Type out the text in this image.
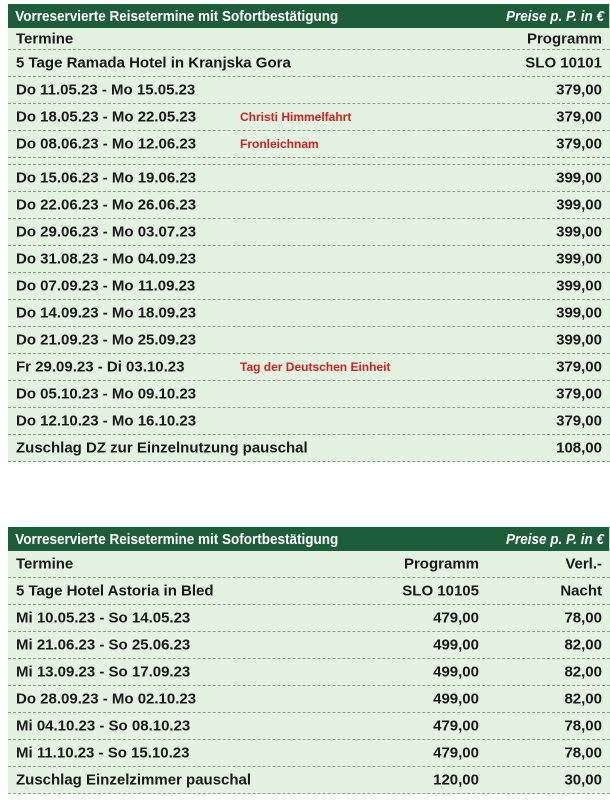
Vorreservierte Reisetermine mit Sofortbestätigung	Preise p. P. in €
Termine	Programm
5 Tage Ramada Hotel in Kranjska Gora	SLO 10101
Do 11.05.23 - Mo 15.05.23	379,00
Do 18.05.23 - Mo 22.05.23	Christi Himmelfahrt	379,00
Do 08.06.23 - Mo 12.06.23	Fronleichnam	379,00
Do 15.06.23 - Mo 19.06.23	399,00
Do 22.06.23 - Mo 26.06.23	399,00
Do 29.06.23 - Mo 03.07.23	399,00
Do 31.08.23 - Mo 04.09.23	399,00
Do 07.09.23 - Mo 11.09.23	399,00
Do 14.09.23 - Mo 18.09.23	399,00
Do 21.09.23 - Mo 25.09.23	399,00
Fr 29.09.23 - Di 03.10.23	Tag der Deutschen Einheit	379,00
Do 05.10.23 - Mo 09.10.23	379,00
Do 12.10.23 - Mo 16.10.23	379,00
Zuschlag DZ zur Einzelnutzung pauschal	108,00
Vorreservierte Reisetermine mit Sofortbestätigung	Preise p. P. in €
Termine	Programm	Verl.-
5 Tage Hotel Astoria in Bled	SLO 10105	Nacht
Mi 10.05.23 - So 14.05.23	479,00	78,00
Mi 21.06.23 - So 25.06.23	499,00	82,00
Mi 13.09.23 - So 17.09.23	499,00	82,00
Do 28.09.23 - Mo 02.10.23	499,00	82,00
Mi 04.10.23 - So 08.10.23	479,00	78,00
Mi 11.10.23 - So 15.10.23	479,00	78,00
Zuschlag Einzelzimmer pauschal	120,00	30,00
